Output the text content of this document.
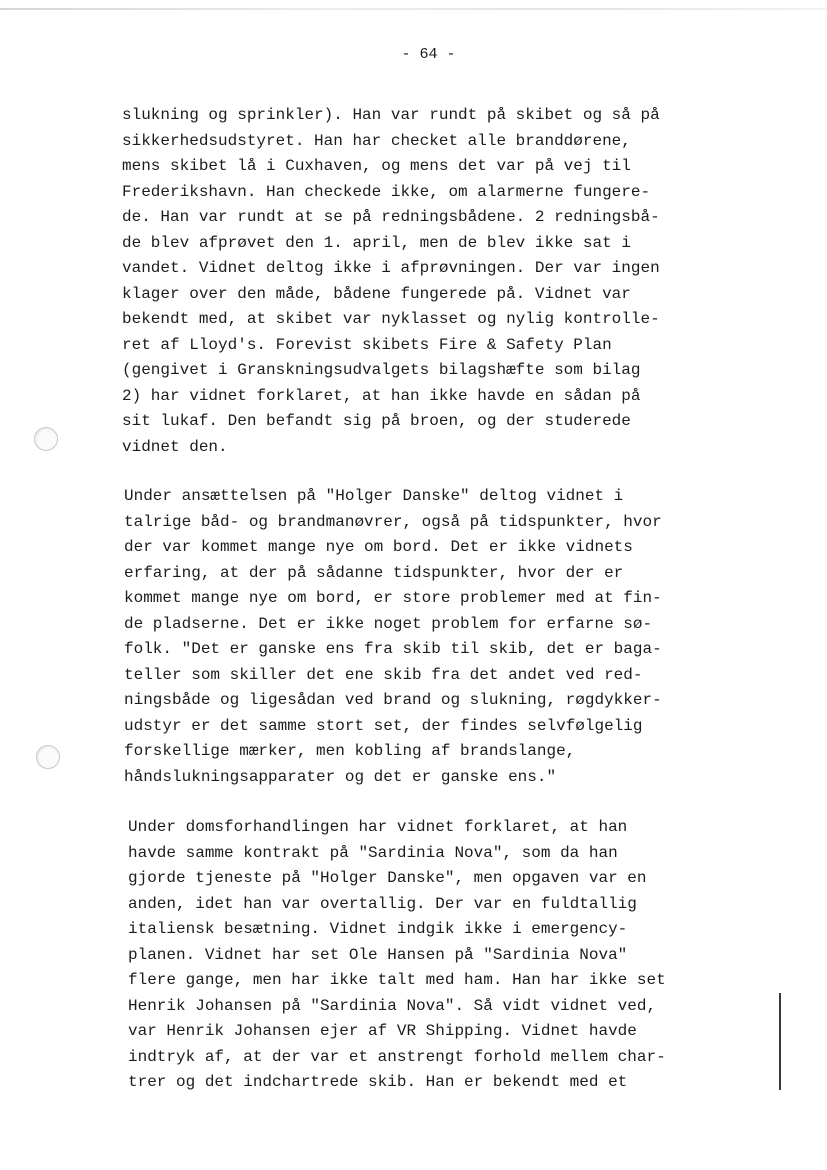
- 64 -
slukning og sprinkler). Han var rundt på skibet og så på
sikkerhedsudstyret. Han har checket alle branddørene,
mens skibet lå i Cuxhaven, og mens det var på vej til
Frederikshavn. Han checkede ikke, om alarmerne fungere-
de. Han var rundt at se på redningsbådene. 2 redningsbå-
de blev afprøvet den 1. april, men de blev ikke sat i
vandet. Vidnet deltog ikke i afprøvningen. Der var ingen
klager over den måde, bådene fungerede på. Vidnet var
bekendt med, at skibet var nyklasset og nylig kontrolle-
ret af Lloyd's. Forevist skibets Fire & Safety Plan
(gengivet i Granskningsudvalgets bilagshæfte som bilag
2) har vidnet forklaret, at han ikke havde en sådan på
sit lukaf. Den befandt sig på broen, og der studerede
vidnet den.
Under ansættelsen på "Holger Danske" deltog vidnet i
talrige båd- og brandmanøvrer, også på tidspunkter, hvor
der var kommet mange nye om bord. Det er ikke vidnets
erfaring, at der på sådanne tidspunkter, hvor der er
kommet mange nye om bord, er store problemer med at fin-
de pladserne. Det er ikke noget problem for erfarne sø-
folk. "Det er ganske ens fra skib til skib, det er baga-
teller som skiller det ene skib fra det andet ved red-
ningsbåde og ligesådan ved brand og slukning, røgdykker-
udstyr er det samme stort set, der findes selvfølgelig
forskellige mærker, men kobling af brandslange,
håndslukningsapparater og det er ganske ens."
Under domsforhandlingen har vidnet forklaret, at han
havde samme kontrakt på "Sardinia Nova", som da han
gjorde tjeneste på "Holger Danske", men opgaven var en
anden, idet han var overtallig. Der var en fuldtallig
italiensk besætning. Vidnet indgik ikke i emergency-
planen. Vidnet har set Ole Hansen på "Sardinia Nova"
flere gange, men har ikke talt med ham. Han har ikke set
Henrik Johansen på "Sardinia Nova". Så vidt vidnet ved,
var Henrik Johansen ejer af VR Shipping. Vidnet havde
indtryk af, at der var et anstrengt forhold mellem char-
trer og det indchartrede skib. Han er bekendt med et
